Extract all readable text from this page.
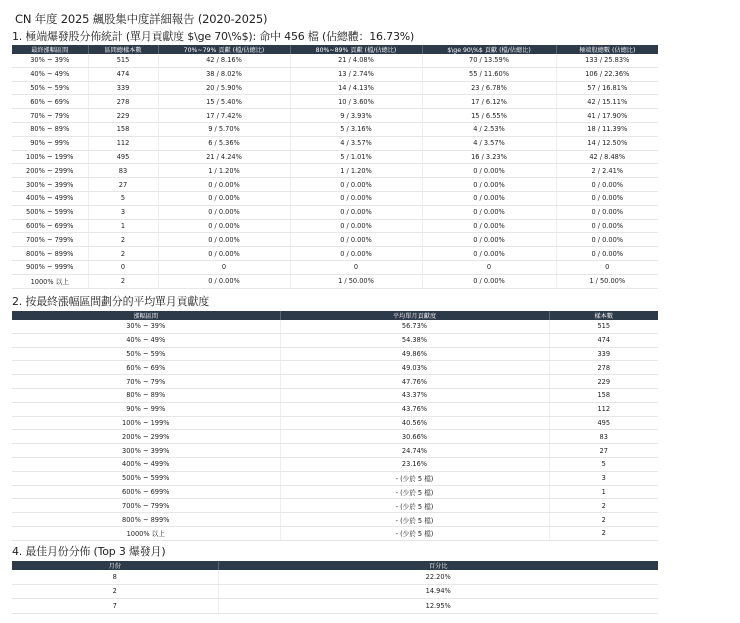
CN 年度 2025 飆股集中度詳細報告 (2020-2025)
1. 極端爆發股分佈統計 (單月貢獻度 $\ge 70\%$): 命中 456 檔 (佔總體：16.73%)
最終漲幅區間	區間總樣本數	70%~79% 貢獻 (檔/佔總比)	80%~89% 貢獻 (檔/佔總比)	$\ge 90\%$ 貢獻 (檔/佔總比)	極端股總數 (佔總比)
30% ~ 39%	515	42 / 8.16%	21 / 4.08%	70 / 13.59%	133 / 25.83%
40% ~ 49%	474	38 / 8.02%	13 / 2.74%	55 / 11.60%	106 / 22.36%
50% ~ 59%	339	20 / 5.90%	14 / 4.13%	23 / 6.78%	57 / 16.81%
60% ~ 69%	278	15 / 5.40%	10 / 3.60%	17 / 6.12%	42 / 15.11%
70% ~ 79%	229	17 / 7.42%	9 / 3.93%	15 / 6.55%	41 / 17.90%
80% ~ 89%	158	9 / 5.70%	5 / 3.16%	4 / 2.53%	18 / 11.39%
90% ~ 99%	112	6 / 5.36%	4 / 3.57%	4 / 3.57%	14 / 12.50%
100% ~ 199%	495	21 / 4.24%	5 / 1.01%	16 / 3.23%	42 / 8.48%
200% ~ 299%	83	1 / 1.20%	1 / 1.20%	0 / 0.00%	2 / 2.41%
300% ~ 399%	27	0 / 0.00%	0 / 0.00%	0 / 0.00%	0 / 0.00%
400% ~ 499%	5	0 / 0.00%	0 / 0.00%	0 / 0.00%	0 / 0.00%
500% ~ 599%	3	0 / 0.00%	0 / 0.00%	0 / 0.00%	0 / 0.00%
600% ~ 699%	1	0 / 0.00%	0 / 0.00%	0 / 0.00%	0 / 0.00%
700% ~ 799%	2	0 / 0.00%	0 / 0.00%	0 / 0.00%	0 / 0.00%
800% ~ 899%	2	0 / 0.00%	0 / 0.00%	0 / 0.00%	0 / 0.00%
900% ~ 999%	0	0	0	0	0
1000% 以上	2	0 / 0.00%	1 / 50.00%	0 / 0.00%	1 / 50.00%
2. 按最終漲幅區間劃分的平均單月貢獻度
漲幅區間	平均單月貢獻度	樣本數
30% ~ 39%	56.73%	515
40% ~ 49%	54.38%	474
50% ~ 59%	49.86%	339
60% ~ 69%	49.03%	278
70% ~ 79%	47.76%	229
80% ~ 89%	43.37%	158
90% ~ 99%	43.76%	112
100% ~ 199%	40.56%	495
200% ~ 299%	30.66%	83
300% ~ 399%	24.74%	27
400% ~ 499%	23.16%	5
500% ~ 599%	- (少於 5 檔)	3
600% ~ 699%	- (少於 5 檔)	1
700% ~ 799%	- (少於 5 檔)	2
800% ~ 899%	- (少於 5 檔)	2
1000% 以上	- (少於 5 檔)	2
4. 最佳月份分佈 (Top 3 爆發月)
月份	百分比
8	22.20%
2	14.94%
7	12.95%
